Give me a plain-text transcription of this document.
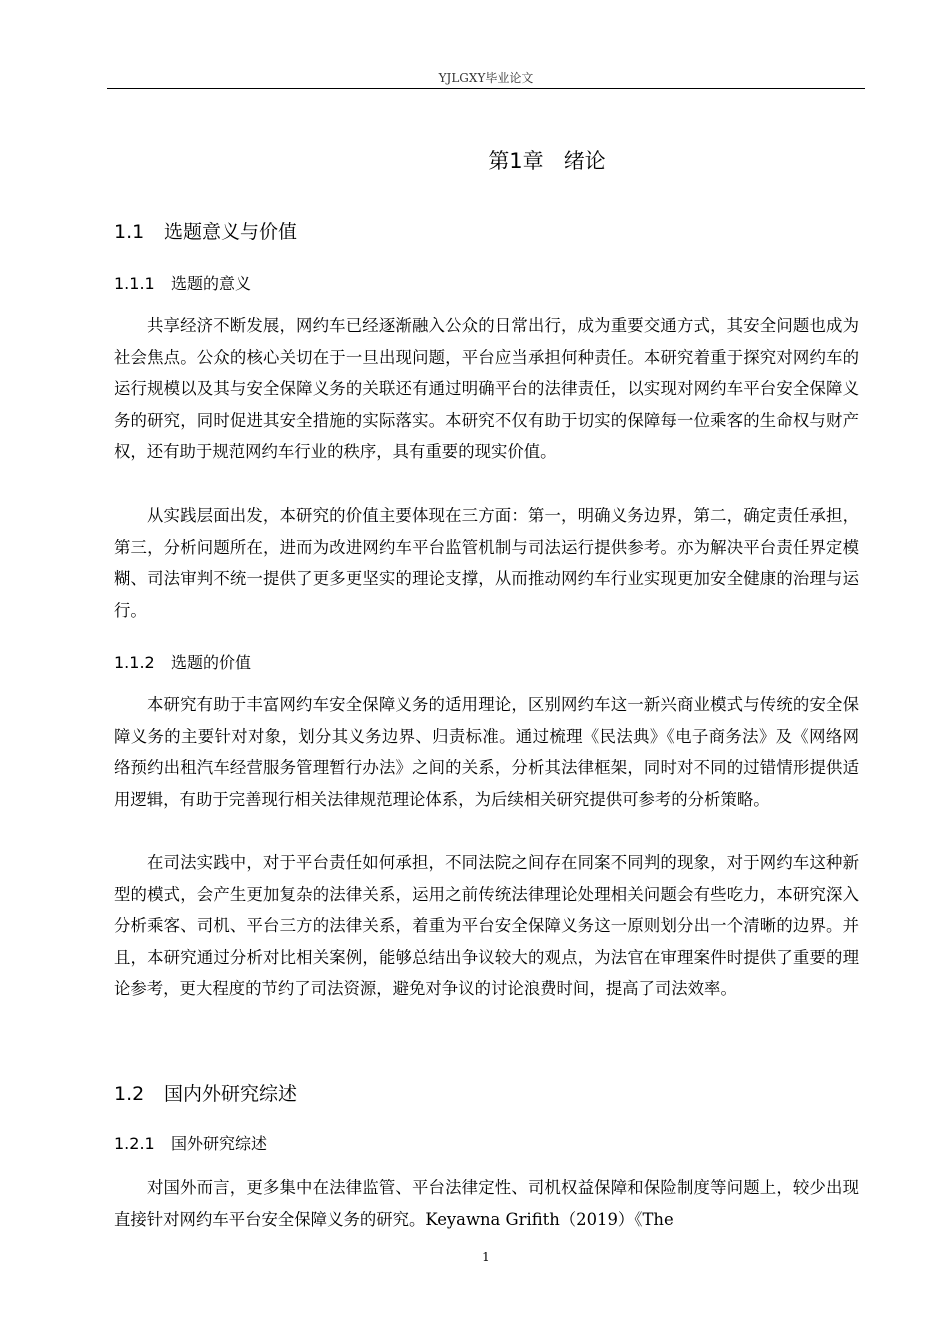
YJLGXY毕业论文
第1章 绪论
1.1 选题意义与价值
1.1.1 选题的意义

共享经济不断发展，网约车已经逐渐融入公众的日常出行，成为重要交通方式，其安全问题也成为社会焦点。公众的核心关切在于一旦出现问题，平台应当承担何种责任。本研究着重于探究对网约车的运行规模以及其与安全保障义务的关联还有通过明确平台的法律责任，以实现对网约车平台安全保障义务的研究，同时促进其安全措施的实际落实。本研究不仅有助于切实的保障每一位乘客的生命权与财产权，还有助于规范网约车行业的秩序，具有重要的现实价值。

从实践层面出发，本研究的价值主要体现在三方面：第一，明确义务边界，第二，确定责任承担，第三，分析问题所在，进而为改进网约车平台监管机制与司法运行提供参考。亦为解决平台责任界定模糊、司法审判不统一提供了更多更坚实的理论支撑，从而推动网约车行业实现更加安全健康的治理与运行。

1.1.2 选题的价值

本研究有助于丰富网约车安全保障义务的适用理论，区别网约车这一新兴商业模式与传统的安全保障义务的主要针对对象，划分其义务边界、归责标准。通过梳理《民法典》《电子商务法》及《网络网络预约出租汽车经营服务管理暂行办法》之间的关系，分析其法律框架，同时对不同的过错情形提供适用逻辑，有助于完善现行相关法律规范理论体系，为后续相关研究提供可参考的分析策略。

在司法实践中，对于平台责任如何承担，不同法院之间存在同案不同判的现象，对于网约车这种新型的模式，会产生更加复杂的法律关系，运用之前传统法律理论处理相关问题会有些吃力，本研究深入分析乘客、司机、平台三方的法律关系，着重为平台安全保障义务这一原则划分出一个清晰的边界。并且，本研究通过分析对比相关案例，能够总结出争议较大的观点，为法官在审理案件时提供了重要的理论参考，更大程度的节约了司法资源，避免对争议的讨论浪费时间，提高了司法效率。

1.2 国内外研究综述
1.2.1 国外研究综述

对国外而言，更多集中在法律监管、平台法律定性、司机权益保障和保险制度等问题上，较少出现直接针对网约车平台安全保障义务的研究。Keyawna Grifith（2019）《The

1
